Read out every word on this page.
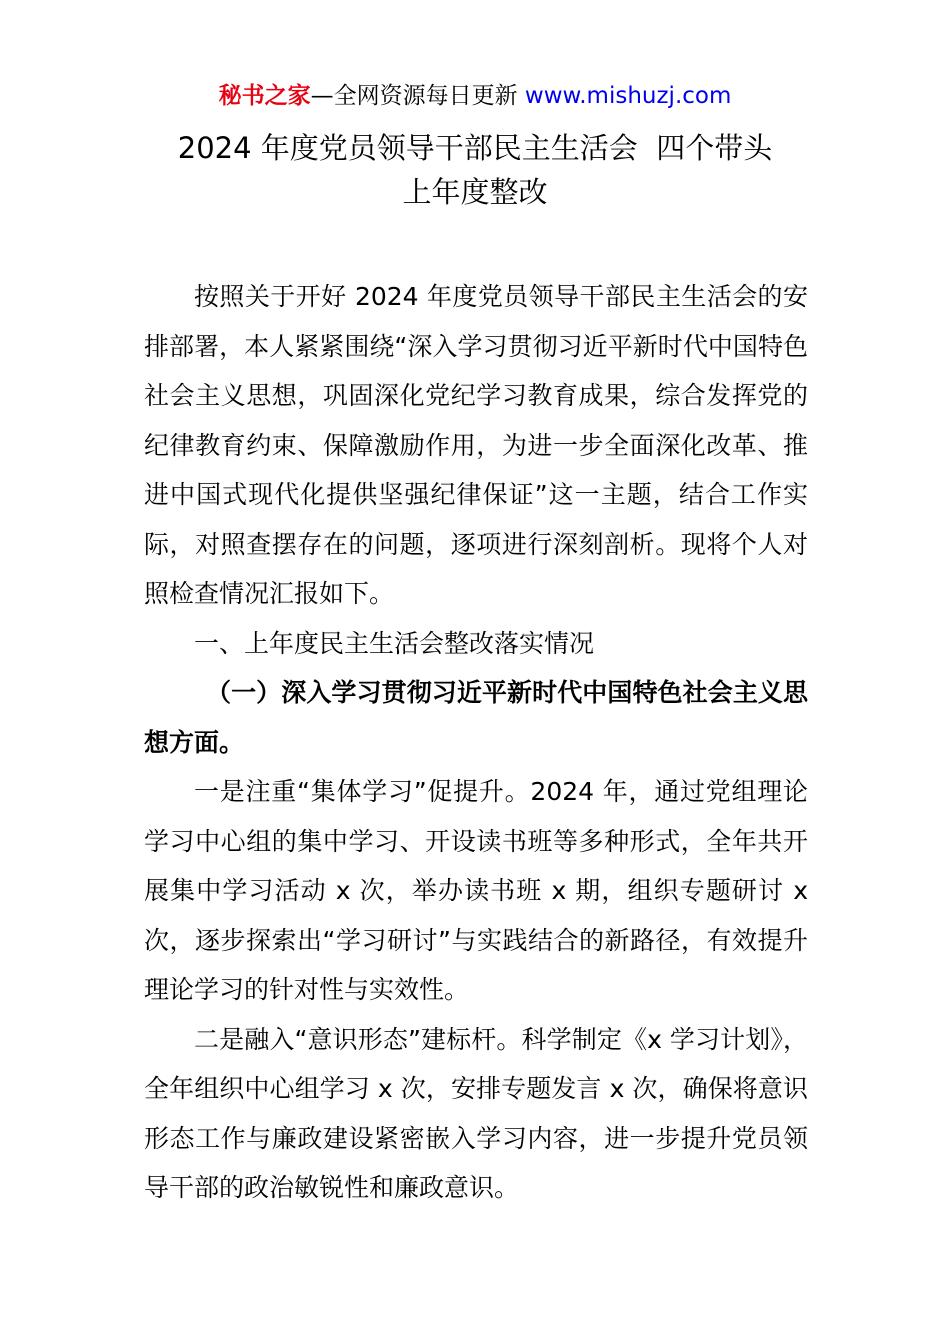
秘书之家—全网资源每日更新 www.mishuzj.com
2024 年度党员领导干部民主生活会  四个带头
上年度整改

按照关于开好 2024 年度党员领导干部民主生活会的安排部署，本人紧紧围绕“深入学习贯彻习近平新时代中国特色社会主义思想，巩固深化党纪学习教育成果，综合发挥党的纪律教育约束、保障激励作用，为进一步全面深化改革、推进中国式现代化提供坚强纪律保证”这一主题，结合工作实际，对照查摆存在的问题，逐项进行深刻剖析。现将个人对照检查情况汇报如下。

一、上年度民主生活会整改落实情况

（一）深入学习贯彻习近平新时代中国特色社会主义思想方面。

一是注重“集体学习”促提升。2024 年，通过党组理论学习中心组的集中学习、开设读书班等多种形式，全年共开展集中学习活动 x 次，举办读书班 x 期，组织专题研讨 x 次，逐步探索出“学习研讨”与实践结合的新路径，有效提升理论学习的针对性与实效性。

二是融入“意识形态”建标杆。科学制定《x 学习计划》，全年组织中心组学习 x 次，安排专题发言 x 次，确保将意识形态工作与廉政建设紧密嵌入学习内容，进一步提升党员领导干部的政治敏锐性和廉政意识。
